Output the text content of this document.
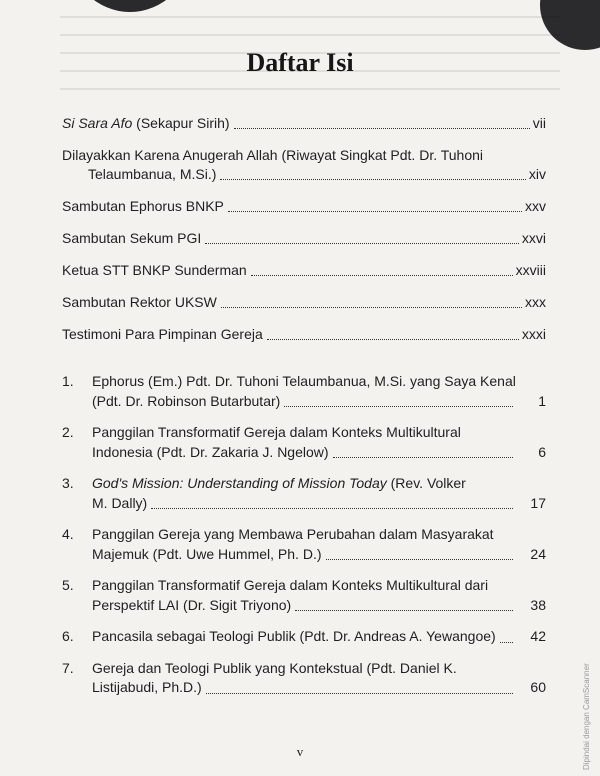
Daftar Isi
Si Sara Afo (Sekapur Sirih)	vii
Dilayakkan Karena Anugerah Allah (Riwayat Singkat Pdt. Dr. Tuhoni
Telaumbanua, M.Si.)	xiv
Sambutan Ephorus BNKP	xxv
Sambutan Sekum PGI	xxvi
Ketua STT BNKP Sunderman	xxviii
Sambutan Rektor UKSW	xxx
Testimoni Para Pimpinan Gereja	xxxi
1.	Ephorus (Em.) Pdt. Dr. Tuhoni Telaumbanua, M.Si. yang Saya Kenal
(Pdt. Dr. Robinson Butarbutar)	1
2.	Panggilan Transformatif Gereja dalam Konteks Multikultural
Indonesia (Pdt. Dr. Zakaria J. Ngelow)	6
3.	God's Mission: Understanding of Mission Today (Rev. Volker
M. Dally)	17
4.	Panggilan Gereja yang Membawa Perubahan dalam Masyarakat
Majemuk (Pdt. Uwe Hummel, Ph. D.)	24
5.	Panggilan Transformatif Gereja dalam Konteks Multikultural dari
Perspektif LAI (Dr. Sigit Triyono)	38
6.	Pancasila sebagai Teologi Publik (Pdt. Dr. Andreas A. Yewangoe)	42
7.	Gereja dan Teologi Publik yang Kontekstual (Pdt. Daniel K.
Listijabudi, Ph.D.)	60
v	Dipindai dengan CamScanner
